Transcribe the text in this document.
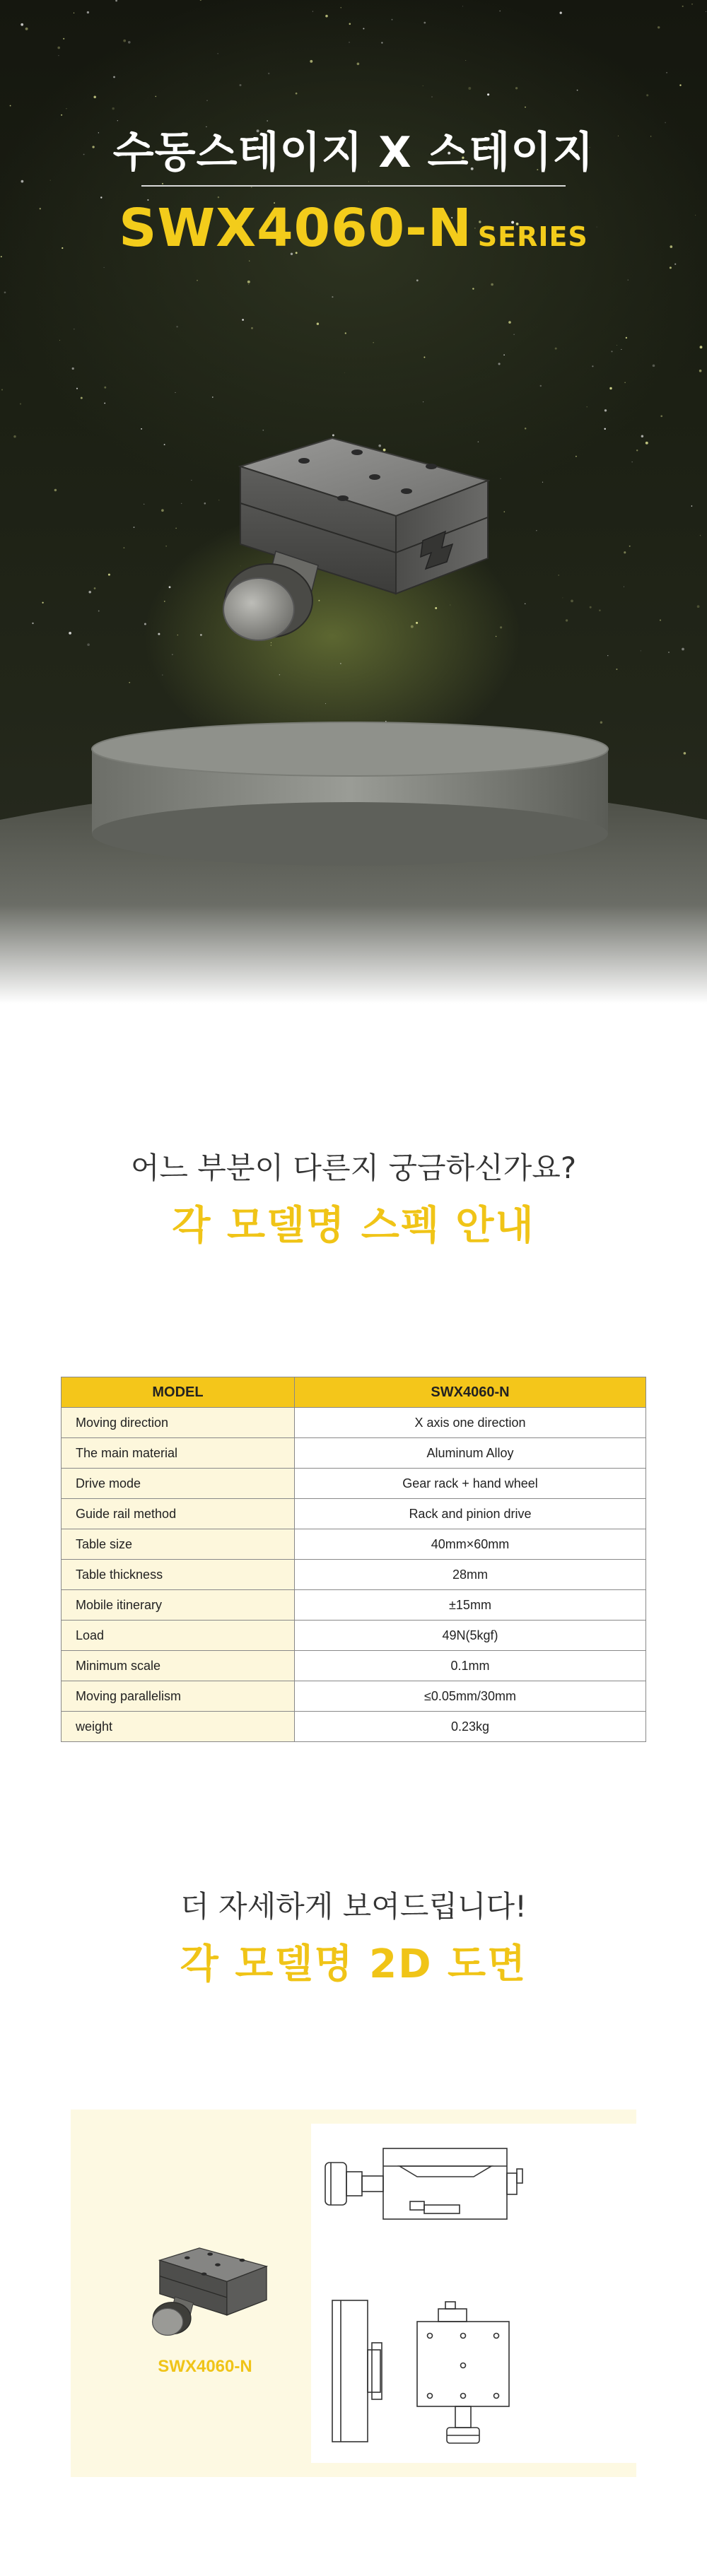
수동스테이지 X 스테이지
SWX4060-N SERIES
어느 부분이 다른지 궁금하신가요?
각 모델명 스펙 안내
MODEL	SWX4060-N
Moving direction	X axis one direction
The main material	Aluminum Alloy
Drive mode	Gear rack + hand wheel
Guide rail method	Rack and pinion drive
Table size	40mm×60mm
Table thickness	28mm
Mobile itinerary	±15mm
Load	49N(5kgf)
Minimum scale	0.1mm
Moving parallelism	≤0.05mm/30mm
weight	0.23kg
더 자세하게 보여드립니다!
각 모델명 2D 도면
SWX4060-N
